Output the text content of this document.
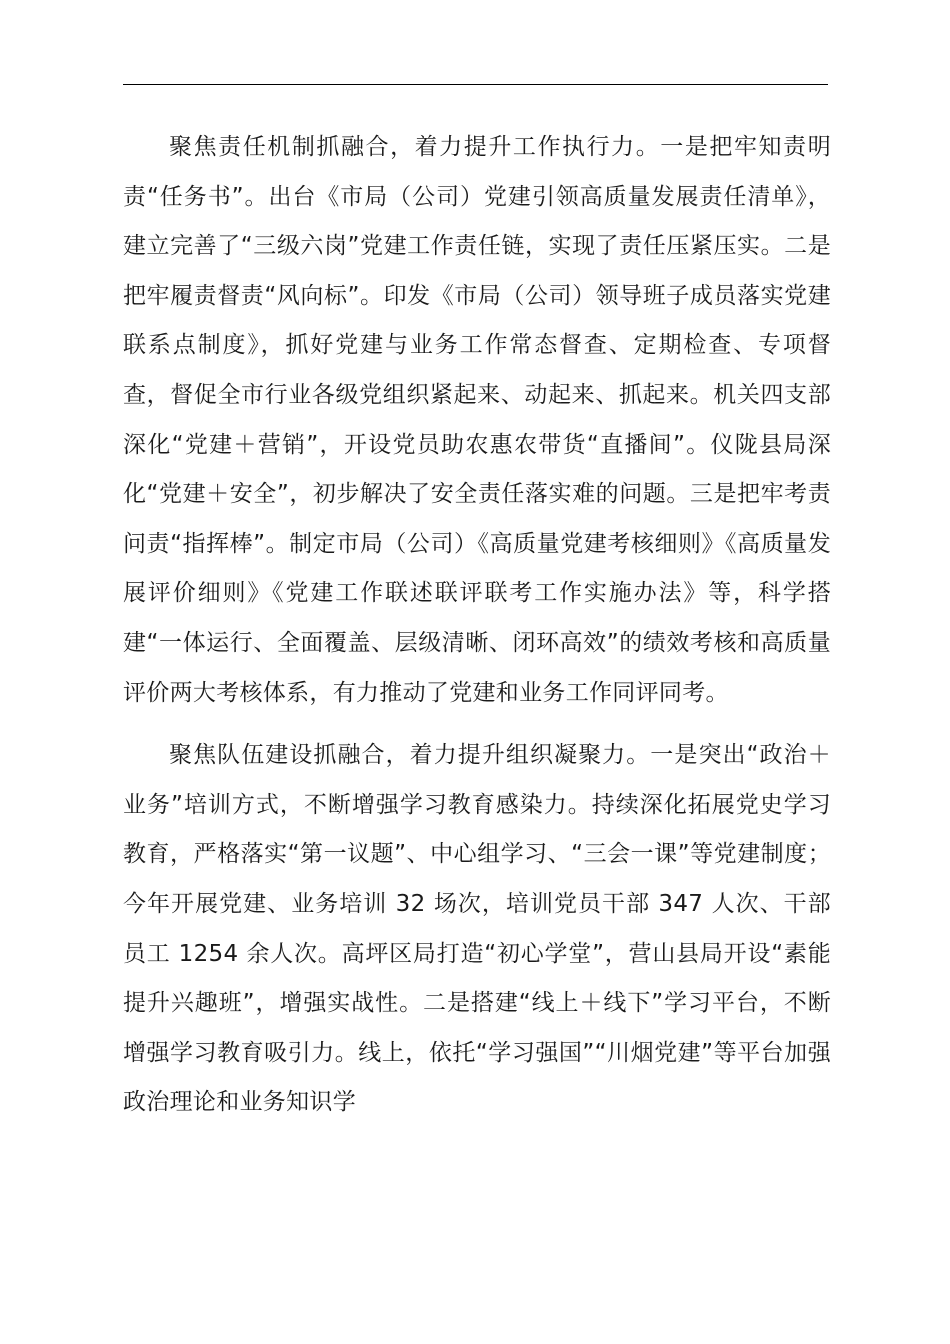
聚焦责任机制抓融合，着力提升工作执行力。一是把牢知责明责“任务书”。出台《市局（公司）党建引领高质量发展责任清单》，建立完善了“三级六岗”党建工作责任链，实现了责任压紧压实。二是把牢履责督责“风向标”。印发《市局（公司）领导班子成员落实党建联系点制度》，抓好党建与业务工作常态督查、定期检查、专项督查，督促全市行业各级党组织紧起来、动起来、抓起来。机关四支部深化“党建＋营销”，开设党员助农惠农带货“直播间”。仪陇县局深化“党建＋安全”，初步解决了安全责任落实难的问题。三是把牢考责问责“指挥棒”。制定市局（公司）《高质量党建考核细则》《高质量发展评价细则》《党建工作联述联评联考工作实施办法》等，科学搭建“一体运行、全面覆盖、层级清晰、闭环高效”的绩效考核和高质量评价两大考核体系，有力推动了党建和业务工作同评同考。

聚焦队伍建设抓融合，着力提升组织凝聚力。一是突出“政治＋业务”培训方式，不断增强学习教育感染力。持续深化拓展党史学习教育，严格落实“第一议题”、中心组学习、“三会一课”等党建制度；今年开展党建、业务培训 32 场次，培训党员干部 347 人次、干部员工 1254 余人次。高坪区局打造“初心学堂”，营山县局开设“素能提升兴趣班”，增强实战性。二是搭建“线上＋线下”学习平台，不断增强学习教育吸引力。线上，依托“学习强国”“川烟党建”等平台加强政治理论和业务知识学
